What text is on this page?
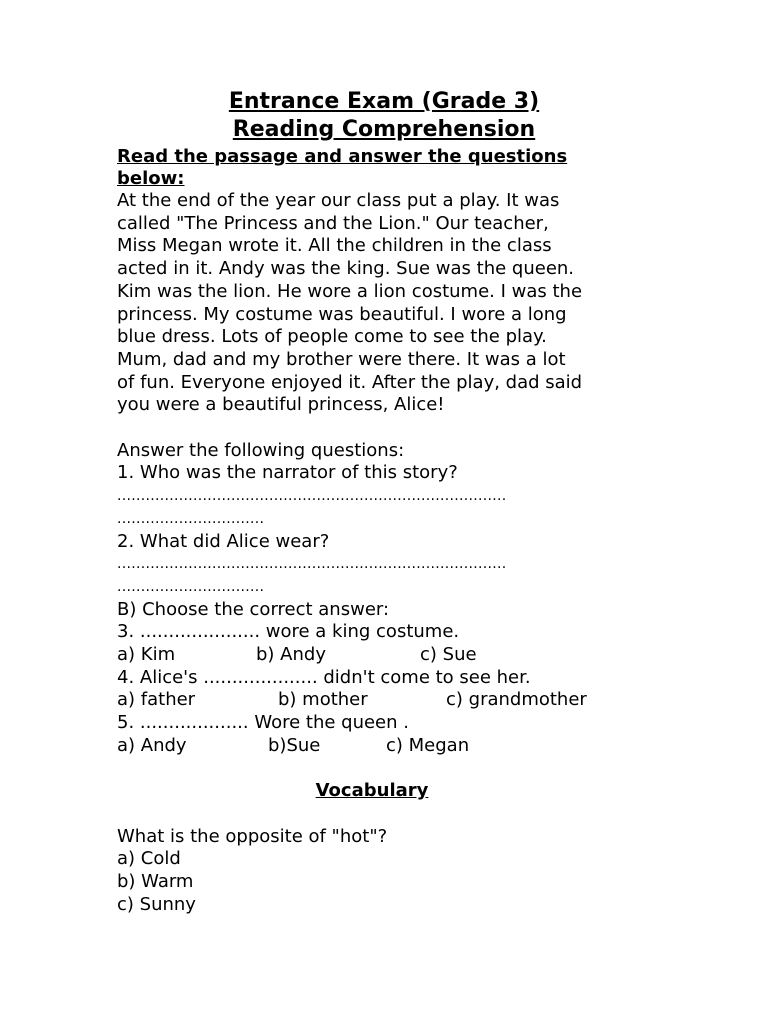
Entrance Exam (Grade 3)
Reading Comprehension
Read the passage and answer the questions
below:
At the end of the year our class put a play. It was
called "The Princess and the Lion." Our teacher,
Miss Megan wrote it. All the children in the class
acted in it. Andy was the king. Sue was the queen.
Kim was the lion. He wore a lion costume. I was the
princess. My costume was beautiful. I wore a long
blue dress. Lots of people come to see the play.
Mum, dad and my brother were there. It was a lot
of fun. Everyone enjoyed it. After the play, dad said
you were a beautiful princess, Alice!
Answer the following questions:
1. Who was the narrator of this story?
..................................................................................
...............................
2. What did Alice wear?
..................................................................................
...............................
B) Choose the correct answer:
3. ..................... wore a king costume.

a) Kim

	b) Andy

	c) Sue

4. Alice's .................... didn't come to see her.

a) father

	b) mother

	c) grandmother

5. ................... Wore the queen .

a) Andy

	b)Sue

	c) Megan

Vocabulary
What is the opposite of "hot"?
a) Cold
b) Warm
c) Sunny
